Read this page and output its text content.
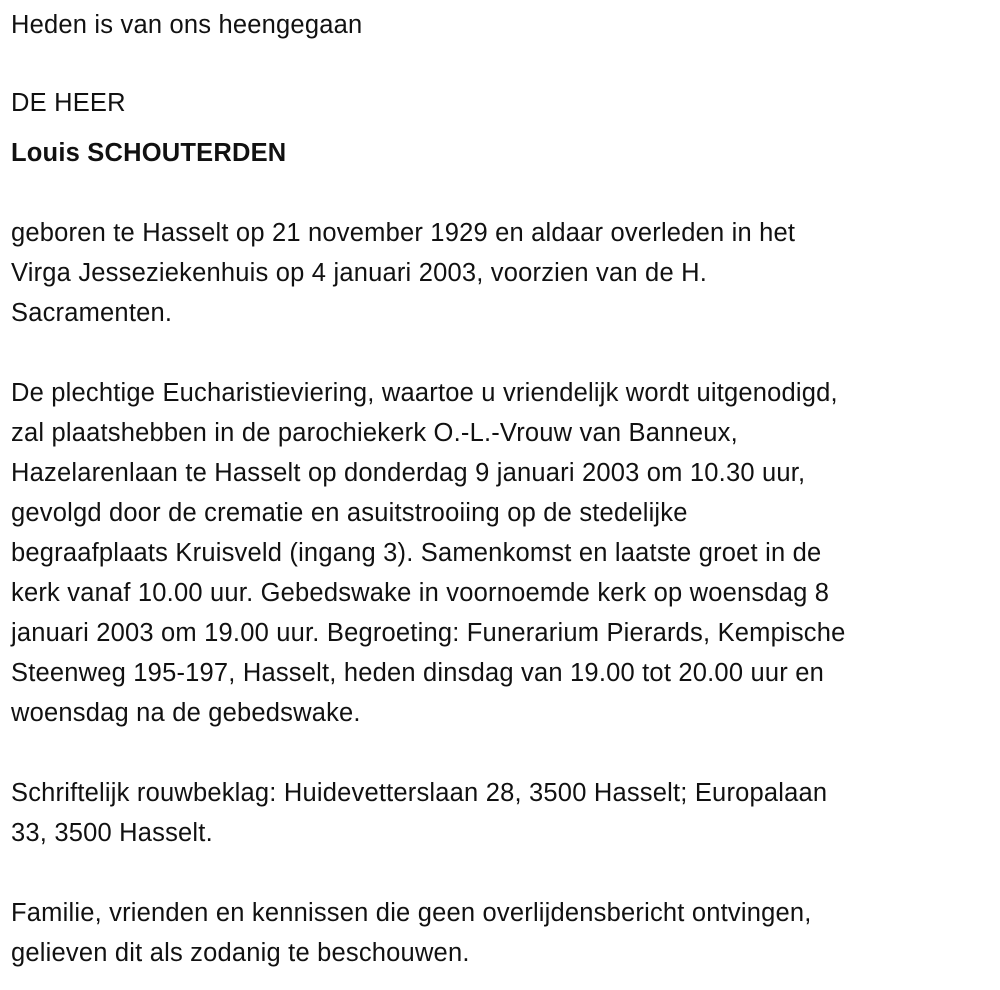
Heden is van ons heengegaan
DE HEER
Louis SCHOUTERDEN
geboren te Hasselt op 21 november 1929 en aldaar overleden in het
Virga Jesseziekenhuis op 4 januari 2003, voorzien van de H.
Sacramenten.
De plechtige Eucharistieviering, waartoe u vriendelijk wordt uitgenodigd,
zal plaatshebben in de parochiekerk O.-L.-Vrouw van Banneux,
Hazelarenlaan te Hasselt op donderdag 9 januari 2003 om 10.30 uur,
gevolgd door de crematie en asuitstrooiing op de stedelijke
begraafplaats Kruisveld (ingang 3). Samenkomst en laatste groet in de
kerk vanaf 10.00 uur. Gebedswake in voornoemde kerk op woensdag 8
januari 2003 om 19.00 uur. Begroeting: Funerarium Pierards, Kempische
Steenweg 195-197, Hasselt, heden dinsdag van 19.00 tot 20.00 uur en
woensdag na de gebedswake.
Schriftelijk rouwbeklag: Huidevetterslaan 28, 3500 Hasselt; Europalaan
33, 3500 Hasselt.
Familie, vrienden en kennissen die geen overlijdensbericht ontvingen,
gelieven dit als zodanig te beschouwen.
